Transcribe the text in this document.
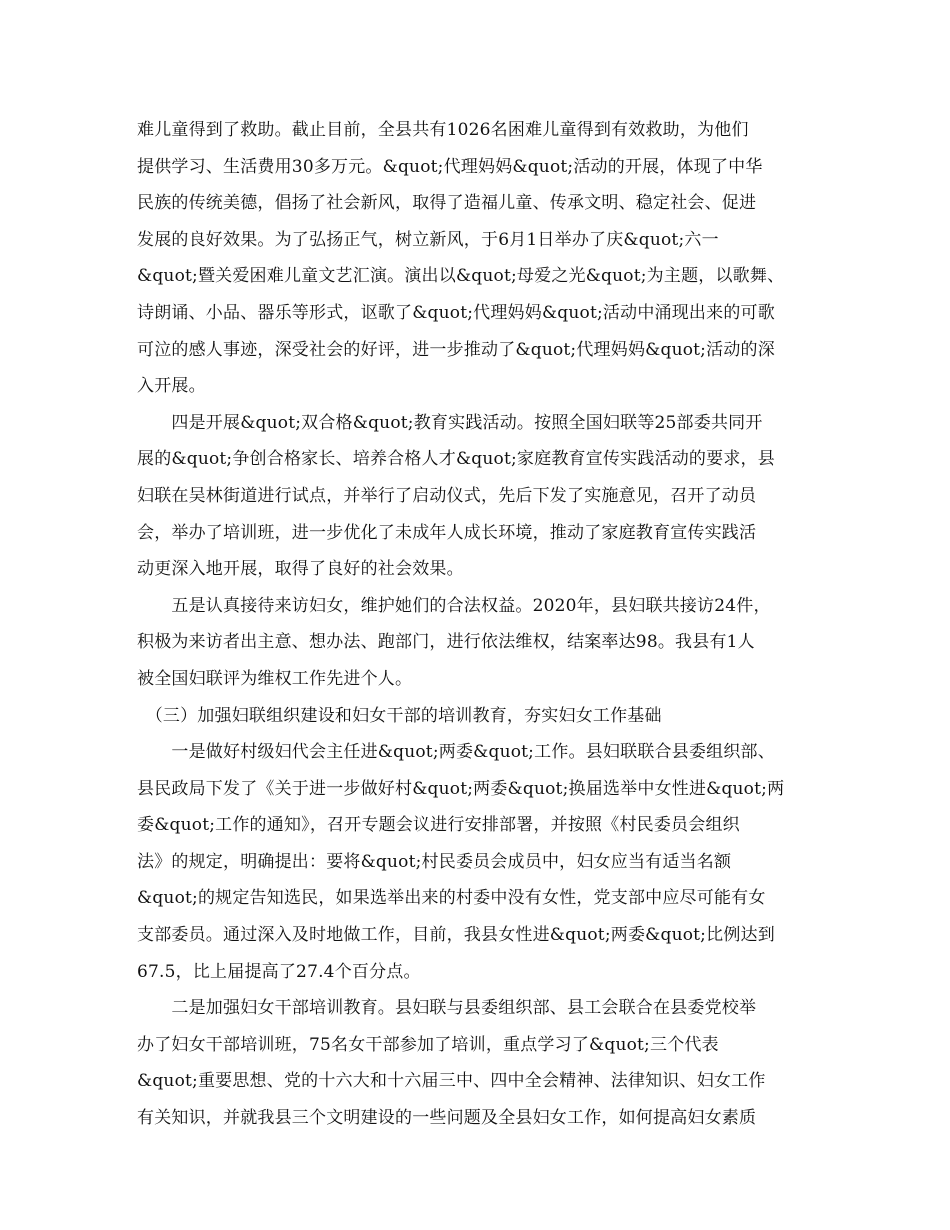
难儿童得到了救助。截止目前，全县共有1026名困难儿童得到有效救助，为他们
提供学习、生活费用30多万元。&quot;代理妈妈&quot;活动的开展，体现了中华
民族的传统美德，倡扬了社会新风，取得了造福儿童、传承文明、稳定社会、促进
发展的良好效果。为了弘扬正气，树立新风，于6月1日举办了庆&quot;六一
&quot;暨关爱困难儿童文艺汇演。演出以&quot;母爱之光&quot;为主题，以歌舞、
诗朗诵、小品、器乐等形式，讴歌了&quot;代理妈妈&quot;活动中涌现出来的可歌
可泣的感人事迹，深受社会的好评，进一步推动了&quot;代理妈妈&quot;活动的深
入开展。
　　四是开展&quot;双合格&quot;教育实践活动。按照全国妇联等25部委共同开
展的&quot;争创合格家长、培养合格人才&quot;家庭教育宣传实践活动的要求，县
妇联在吴林街道进行试点，并举行了启动仪式，先后下发了实施意见，召开了动员
会，举办了培训班，进一步优化了未成年人成长环境，推动了家庭教育宣传实践活
动更深入地开展，取得了良好的社会效果。
　　五是认真接待来访妇女，维护她们的合法权益。2020年，县妇联共接访24件，
积极为来访者出主意、想办法、跑部门，进行依法维权，结案率达98。我县有1人
被全国妇联评为维权工作先进个人。
　（三）加强妇联组织建设和妇女干部的培训教育，夯实妇女工作基础
　　一是做好村级妇代会主任进&quot;两委&quot;工作。县妇联联合县委组织部、
县民政局下发了《关于进一步做好村&quot;两委&quot;换届选举中女性进&quot;两
委&quot;工作的通知》，召开专题会议进行安排部署，并按照《村民委员会组织
法》的规定，明确提出：要将&quot;村民委员会成员中，妇女应当有适当名额
&quot;的规定告知选民，如果选举出来的村委中没有女性，党支部中应尽可能有女
支部委员。通过深入及时地做工作，目前，我县女性进&quot;两委&quot;比例达到
67.5，比上届提高了27.4个百分点。
　　二是加强妇女干部培训教育。县妇联与县委组织部、县工会联合在县委党校举
办了妇女干部培训班，75名女干部参加了培训，重点学习了&quot;三个代表
&quot;重要思想、党的十六大和十六届三中、四中全会精神、法律知识、妇女工作
有关知识，并就我县三个文明建设的一些问题及全县妇女工作，如何提高妇女素质
